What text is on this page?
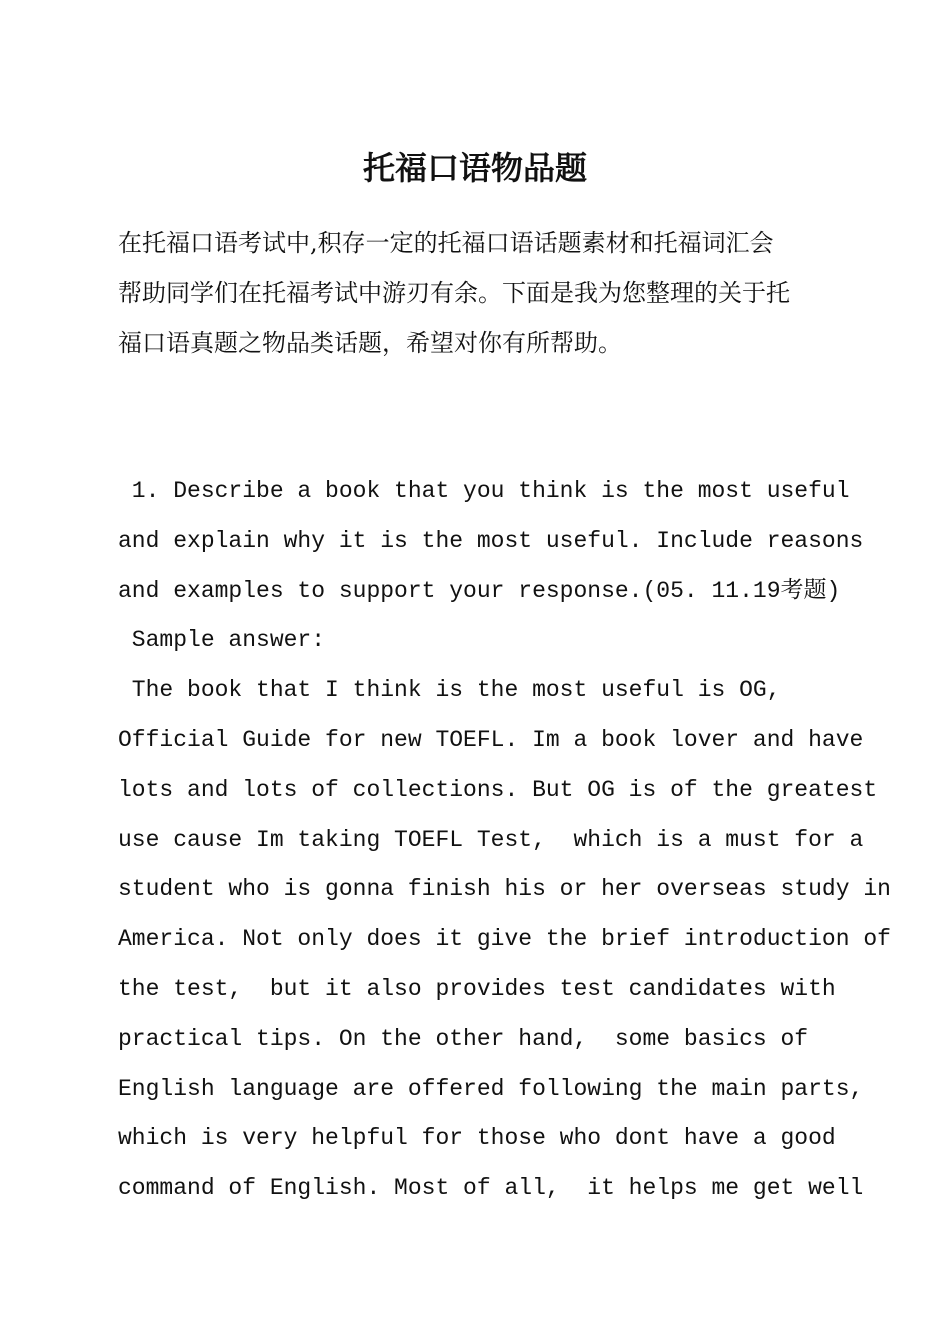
托福口语物品题
在托福口语考试中,积存一定的托福口语话题素材和托福词汇会
帮助同学们在托福考试中游刃有余。下面是我为您整理的关于托
福口语真题之物品类话题，希望对你有所帮助。
1. Describe a book that you think is the most useful
and explain why it is the most useful. Include reasons
and examples to support your response.(05. 11.19考题)
Sample answer:
The book that I think is the most useful is OG,
Official Guide for new TOEFL. Im a book lover and have
lots and lots of collections. But OG is of the greatest
use cause Im taking TOEFL Test,  which is a must for a
student who is gonna finish his or her overseas study in
America. Not only does it give the brief introduction of
the test,  but it also provides test candidates with
practical tips. On the other hand,  some basics of
English language are offered following the main parts,
which is very helpful for those who dont have a good
command of English. Most of all,  it helps me get well
